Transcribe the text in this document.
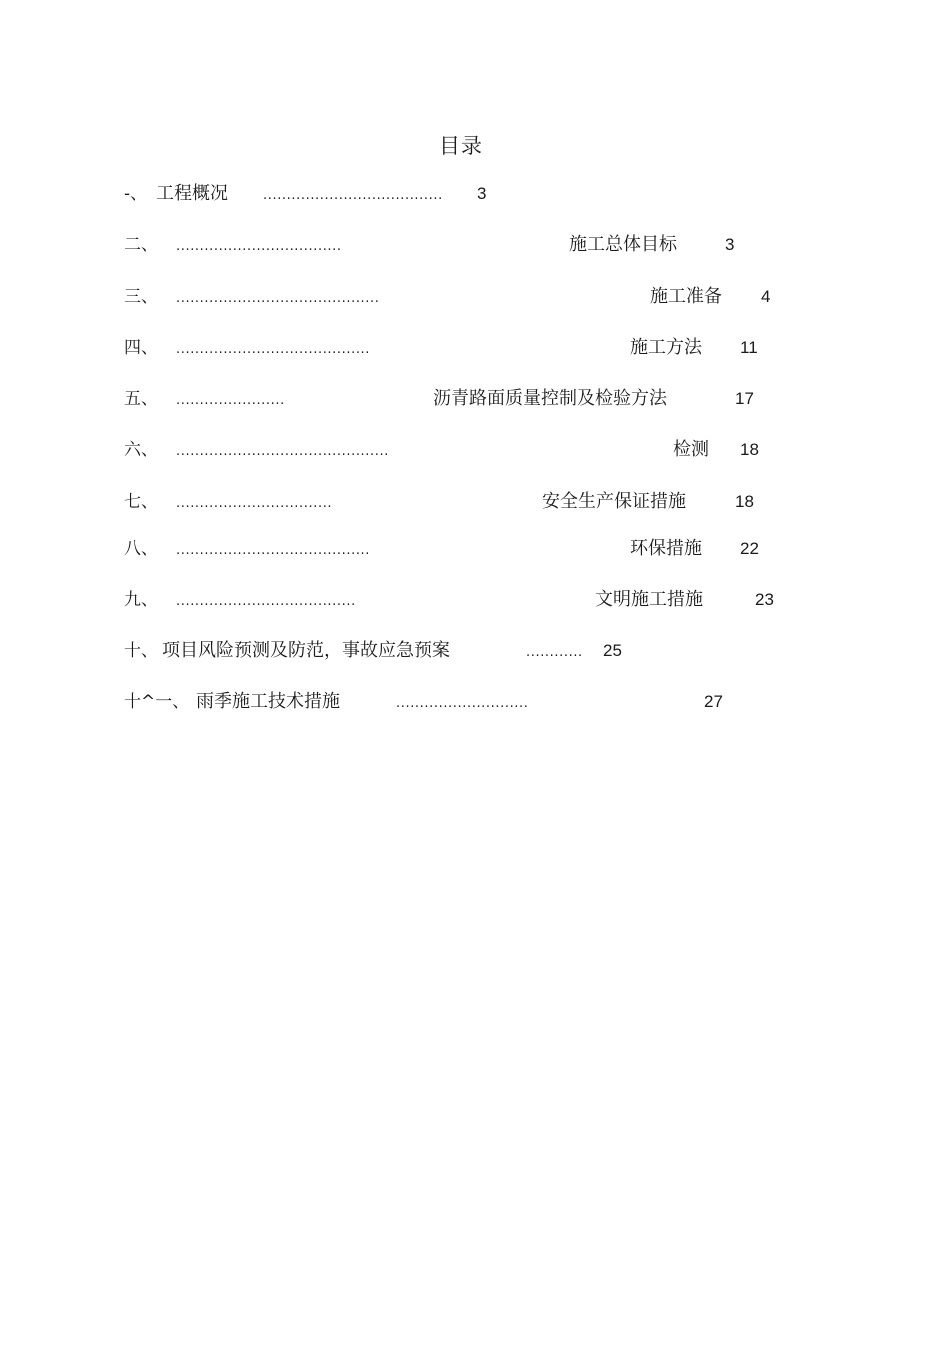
目录
-、 工程概况	...................................... 3
二、 ...................................	施工总体目标	3
三、 ...........................................	施工准备 4
四、 .........................................	施工方法 11
五、 .......................	沥青路面质量控制及检验方法	17
六、 .............................................	检测 18
七、 .................................	安全生产保证措施	18
八、 .........................................	环保措施 22
九、 ......................................	文明施工措施	23
十、 项目风险预测及防范，事故应急预案	............ 25
十^一、 雨季施工技术措施	............................	27
